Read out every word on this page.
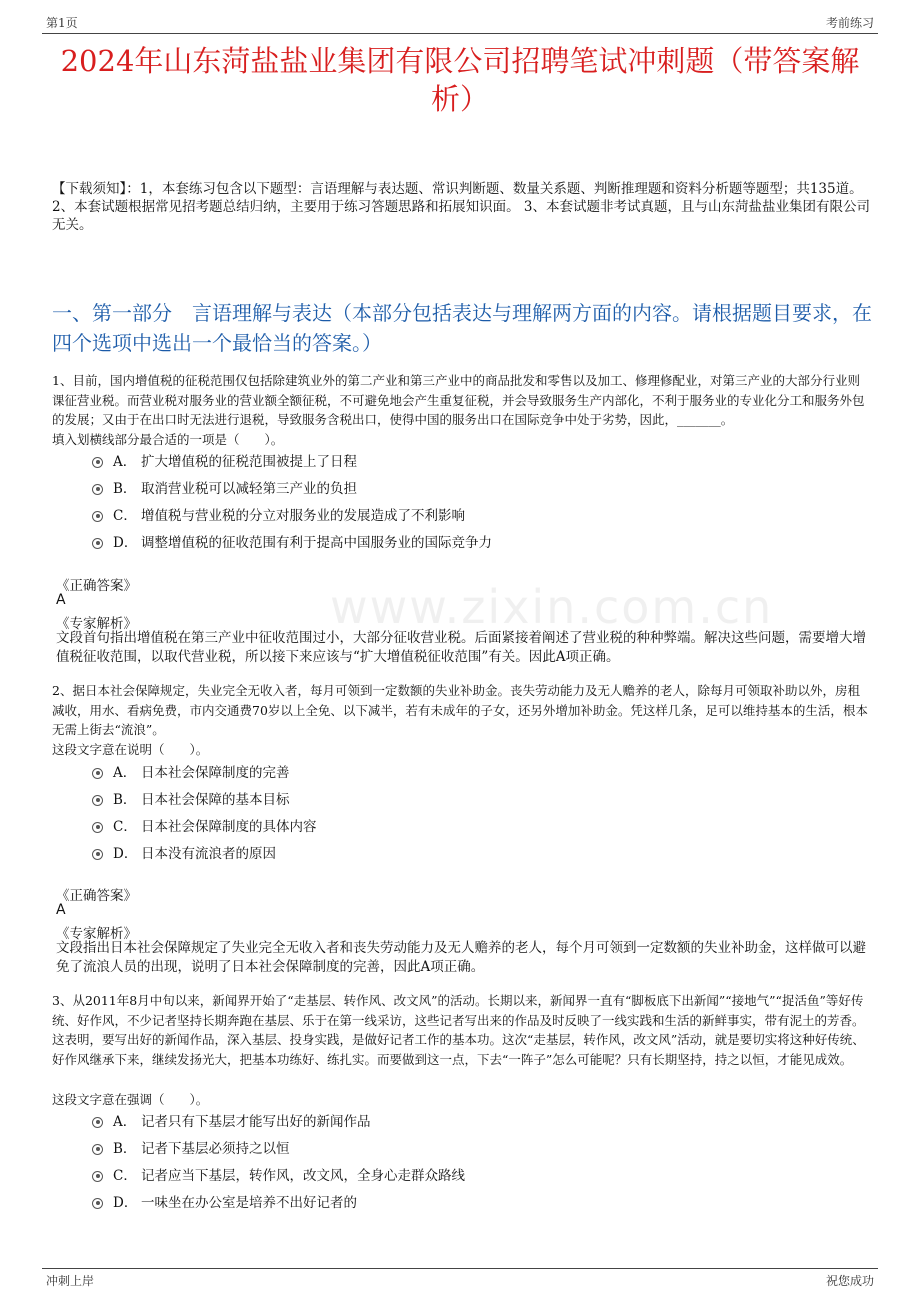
第1页	考前练习
2024年山东菏盐盐业集团有限公司招聘笔试冲刺题（带答案解析）
【下载须知】：1，本套练习包含以下题型：言语理解与表达题、常识判断题、数量关系题、判断推理题和资料分析题等题型；共135道。 2、本套试题根据常见招考题总结归纳，主要用于练习答题思路和拓展知识面。 3、本套试题非考试真题，且与山东菏盐盐业集团有限公司无关。
一、第一部分　言语理解与表达（本部分包括表达与理解两方面的内容。请根据题目要求，在四个选项中选出一个最恰当的答案。）
www.zixin.com.cn
1、目前，国内增值税的征税范围仅包括除建筑业外的第二产业和第三产业中的商品批发和零售以及加工、修理修配业，对第三产业的大部分行业则课征营业税。而营业税对服务业的营业额全额征税，不可避免地会产生重复征税，并会导致服务生产内部化，不利于服务业的专业化分工和服务外包的发展；又由于在出口时无法进行退税，导致服务含税出口，使得中国的服务出口在国际竞争中处于劣势，因此，_______。
填入划横线部分最合适的一项是（　　）。
A． 扩大增值税的征税范围被提上了日程
B． 取消营业税可以减轻第三产业的负担
C． 增值税与营业税的分立对服务业的发展造成了不利影响
D． 调整增值税的征收范围有利于提高中国服务业的国际竞争力
《正确答案》
A
《专家解析》
文段首句指出增值税在第三产业中征收范围过小，大部分征收营业税。后面紧接着阐述了营业税的种种弊端。解决这些问题，需要增大增值税征收范围，以取代营业税，所以接下来应该与“扩大增值税征收范围”有关。因此A项正确。
2、据日本社会保障规定，失业完全无收入者，每月可领到一定数额的失业补助金。丧失劳动能力及无人赡养的老人，除每月可领取补助以外，房租减收，用水、看病免费，市内交通费70岁以上全免、以下减半，若有未成年的子女，还另外增加补助金。凭这样几条，足可以维持基本的生活，根本无需上街去“流浪”。
这段文字意在说明（　　）。
A． 日本社会保障制度的完善
B． 日本社会保障的基本目标
C． 日本社会保障制度的具体内容
D． 日本没有流浪者的原因
《正确答案》
A
《专家解析》
文段指出日本社会保障规定了失业完全无收入者和丧失劳动能力及无人赡养的老人，每个月可领到一定数额的失业补助金，这样做可以避免了流浪人员的出现，说明了日本社会保障制度的完善，因此A项正确。
3、从2011年8月中旬以来，新闻界开始了“走基层、转作风、改文风”的活动。长期以来，新闻界一直有“脚板底下出新闻”“接地气”“捉活鱼”等好传统、好作风，不少记者坚持长期奔跑在基层、乐于在第一线采访，这些记者写出来的作品及时反映了一线实践和生活的新鲜事实，带有泥土的芳香。这表明，要写出好的新闻作品，深入基层、投身实践，是做好记者工作的基本功。这次“走基层，转作风，改文风”活动，就是要切实将这种好传统、好作风继承下来，继续发扬光大，把基本功练好、练扎实。而要做到这一点，下去“一阵子”怎么可能呢？只有长期坚持，持之以恒，才能见成效。
这段文字意在强调（　　）。
A． 记者只有下基层才能写出好的新闻作品
B． 记者下基层必须持之以恒
C． 记者应当下基层，转作风，改文风，全身心走群众路线
D． 一味坐在办公室是培养不出好记者的
冲刺上岸	祝您成功
